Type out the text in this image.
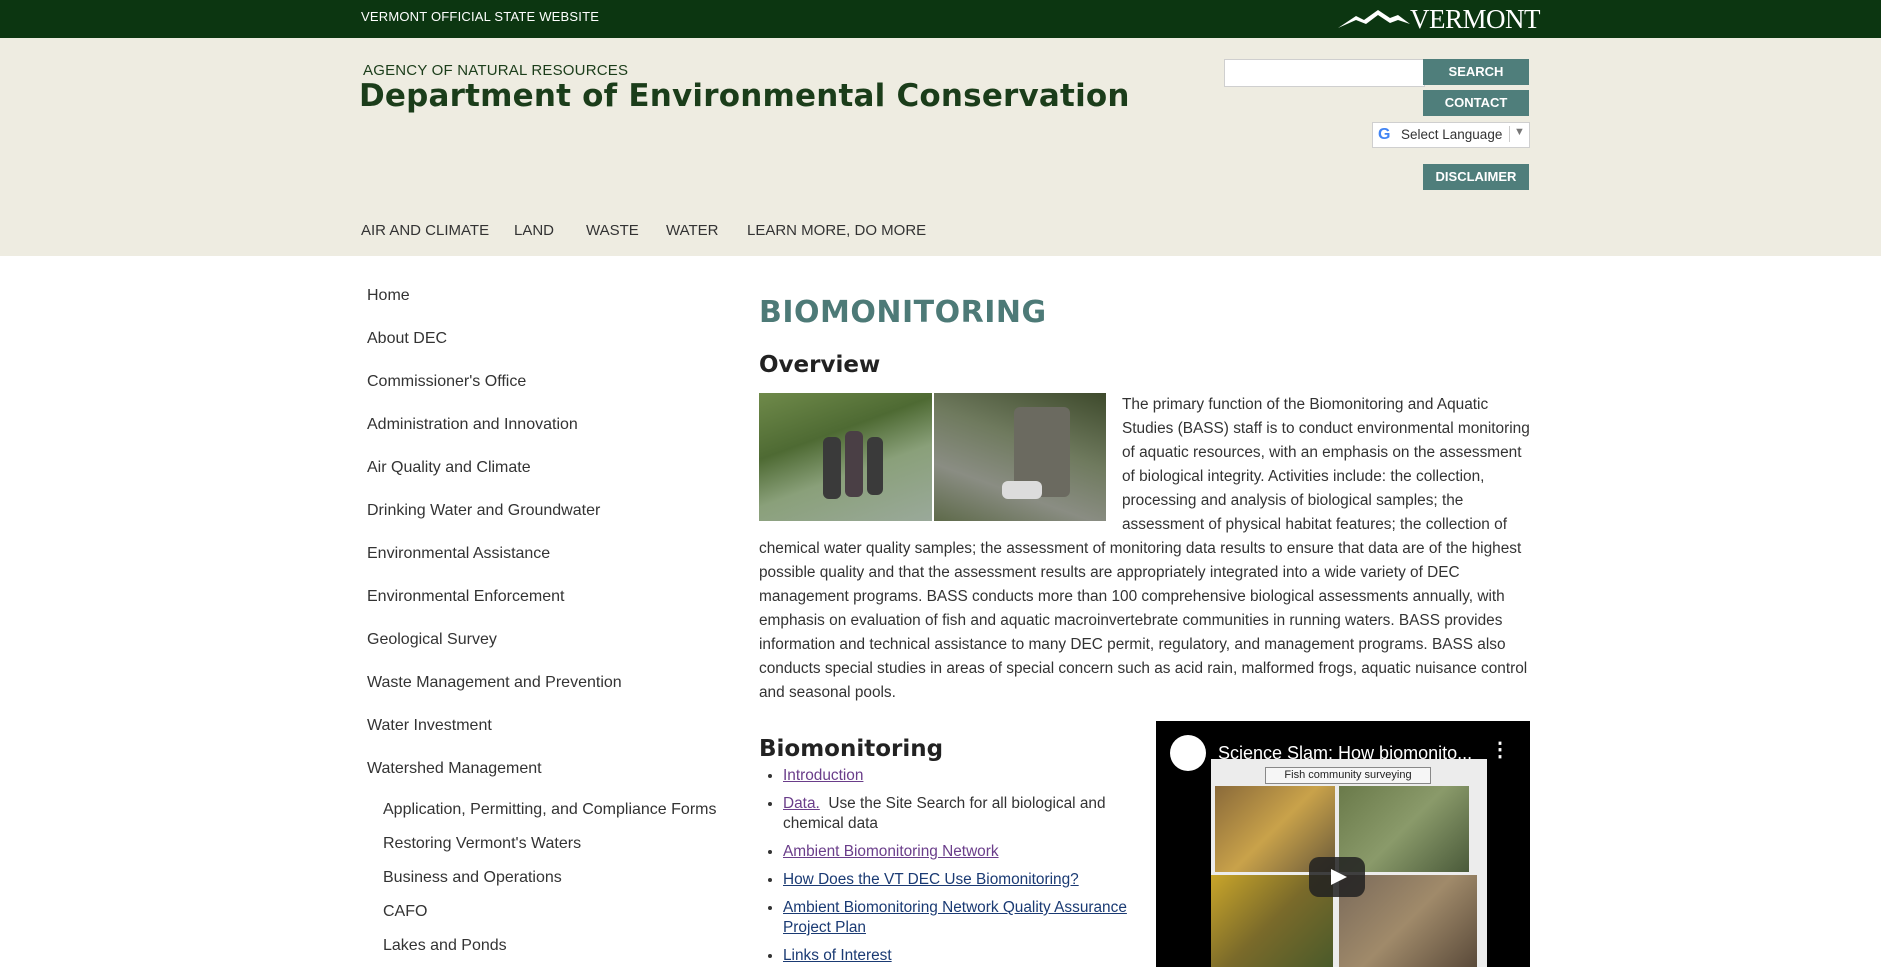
VERMONT OFFICIAL STATE WEBSITE	VERMONT
AGENCY OF NATURAL RESOURCES
Department of Environmental Conservation
SEARCH
CONTACT
G Select Language ▼
DISCLAIMER
AIR AND CLIMATE LAND WASTE WATER LEARN MORE, DO MORE
Home
About DEC
Commissioner's Office
Administration and Innovation
Air Quality and Climate
Drinking Water and Groundwater
Environmental Assistance
Environmental Enforcement
Geological Survey
Waste Management and Prevention
Water Investment
Watershed Management
Application, Permitting, and Compliance Forms
Restoring Vermont's Waters
Business and Operations
CAFO
Lakes and Ponds
BIOMONITORING
Overview
The primary function of the Biomonitoring and Aquatic Studies (BASS) staff is to conduct environmental monitoring of aquatic resources, with an emphasis on the assessment of biological integrity. Activities include: the collection, processing and analysis of biological samples; the assessment of physical habitat features; the collection of chemical water quality samples; the assessment of monitoring data results to ensure that data are of the highest possible quality and that the assessment results are appropriately integrated into a wide variety of DEC management programs. BASS conducts more than 100 comprehensive biological assessments annually, with emphasis on evaluation of fish and aquatic macroinvertebrate communities in running waters. BASS provides information and technical assistance to many DEC permit, regulatory, and management programs. BASS also conducts special studies in areas of special concern such as acid rain, malformed frogs, aquatic nuisance control and seasonal pools.
Biomonitoring
• Introduction
• Data. Use the Site Search for all biological and chemical data
• Ambient Biomonitoring Network
• How Does the VT DEC Use Biomonitoring?
• Ambient Biomonitoring Network Quality Assurance Project Plan
• Links of Interest
Fish community surveying
Science Slam: How biomonito... ⋮
